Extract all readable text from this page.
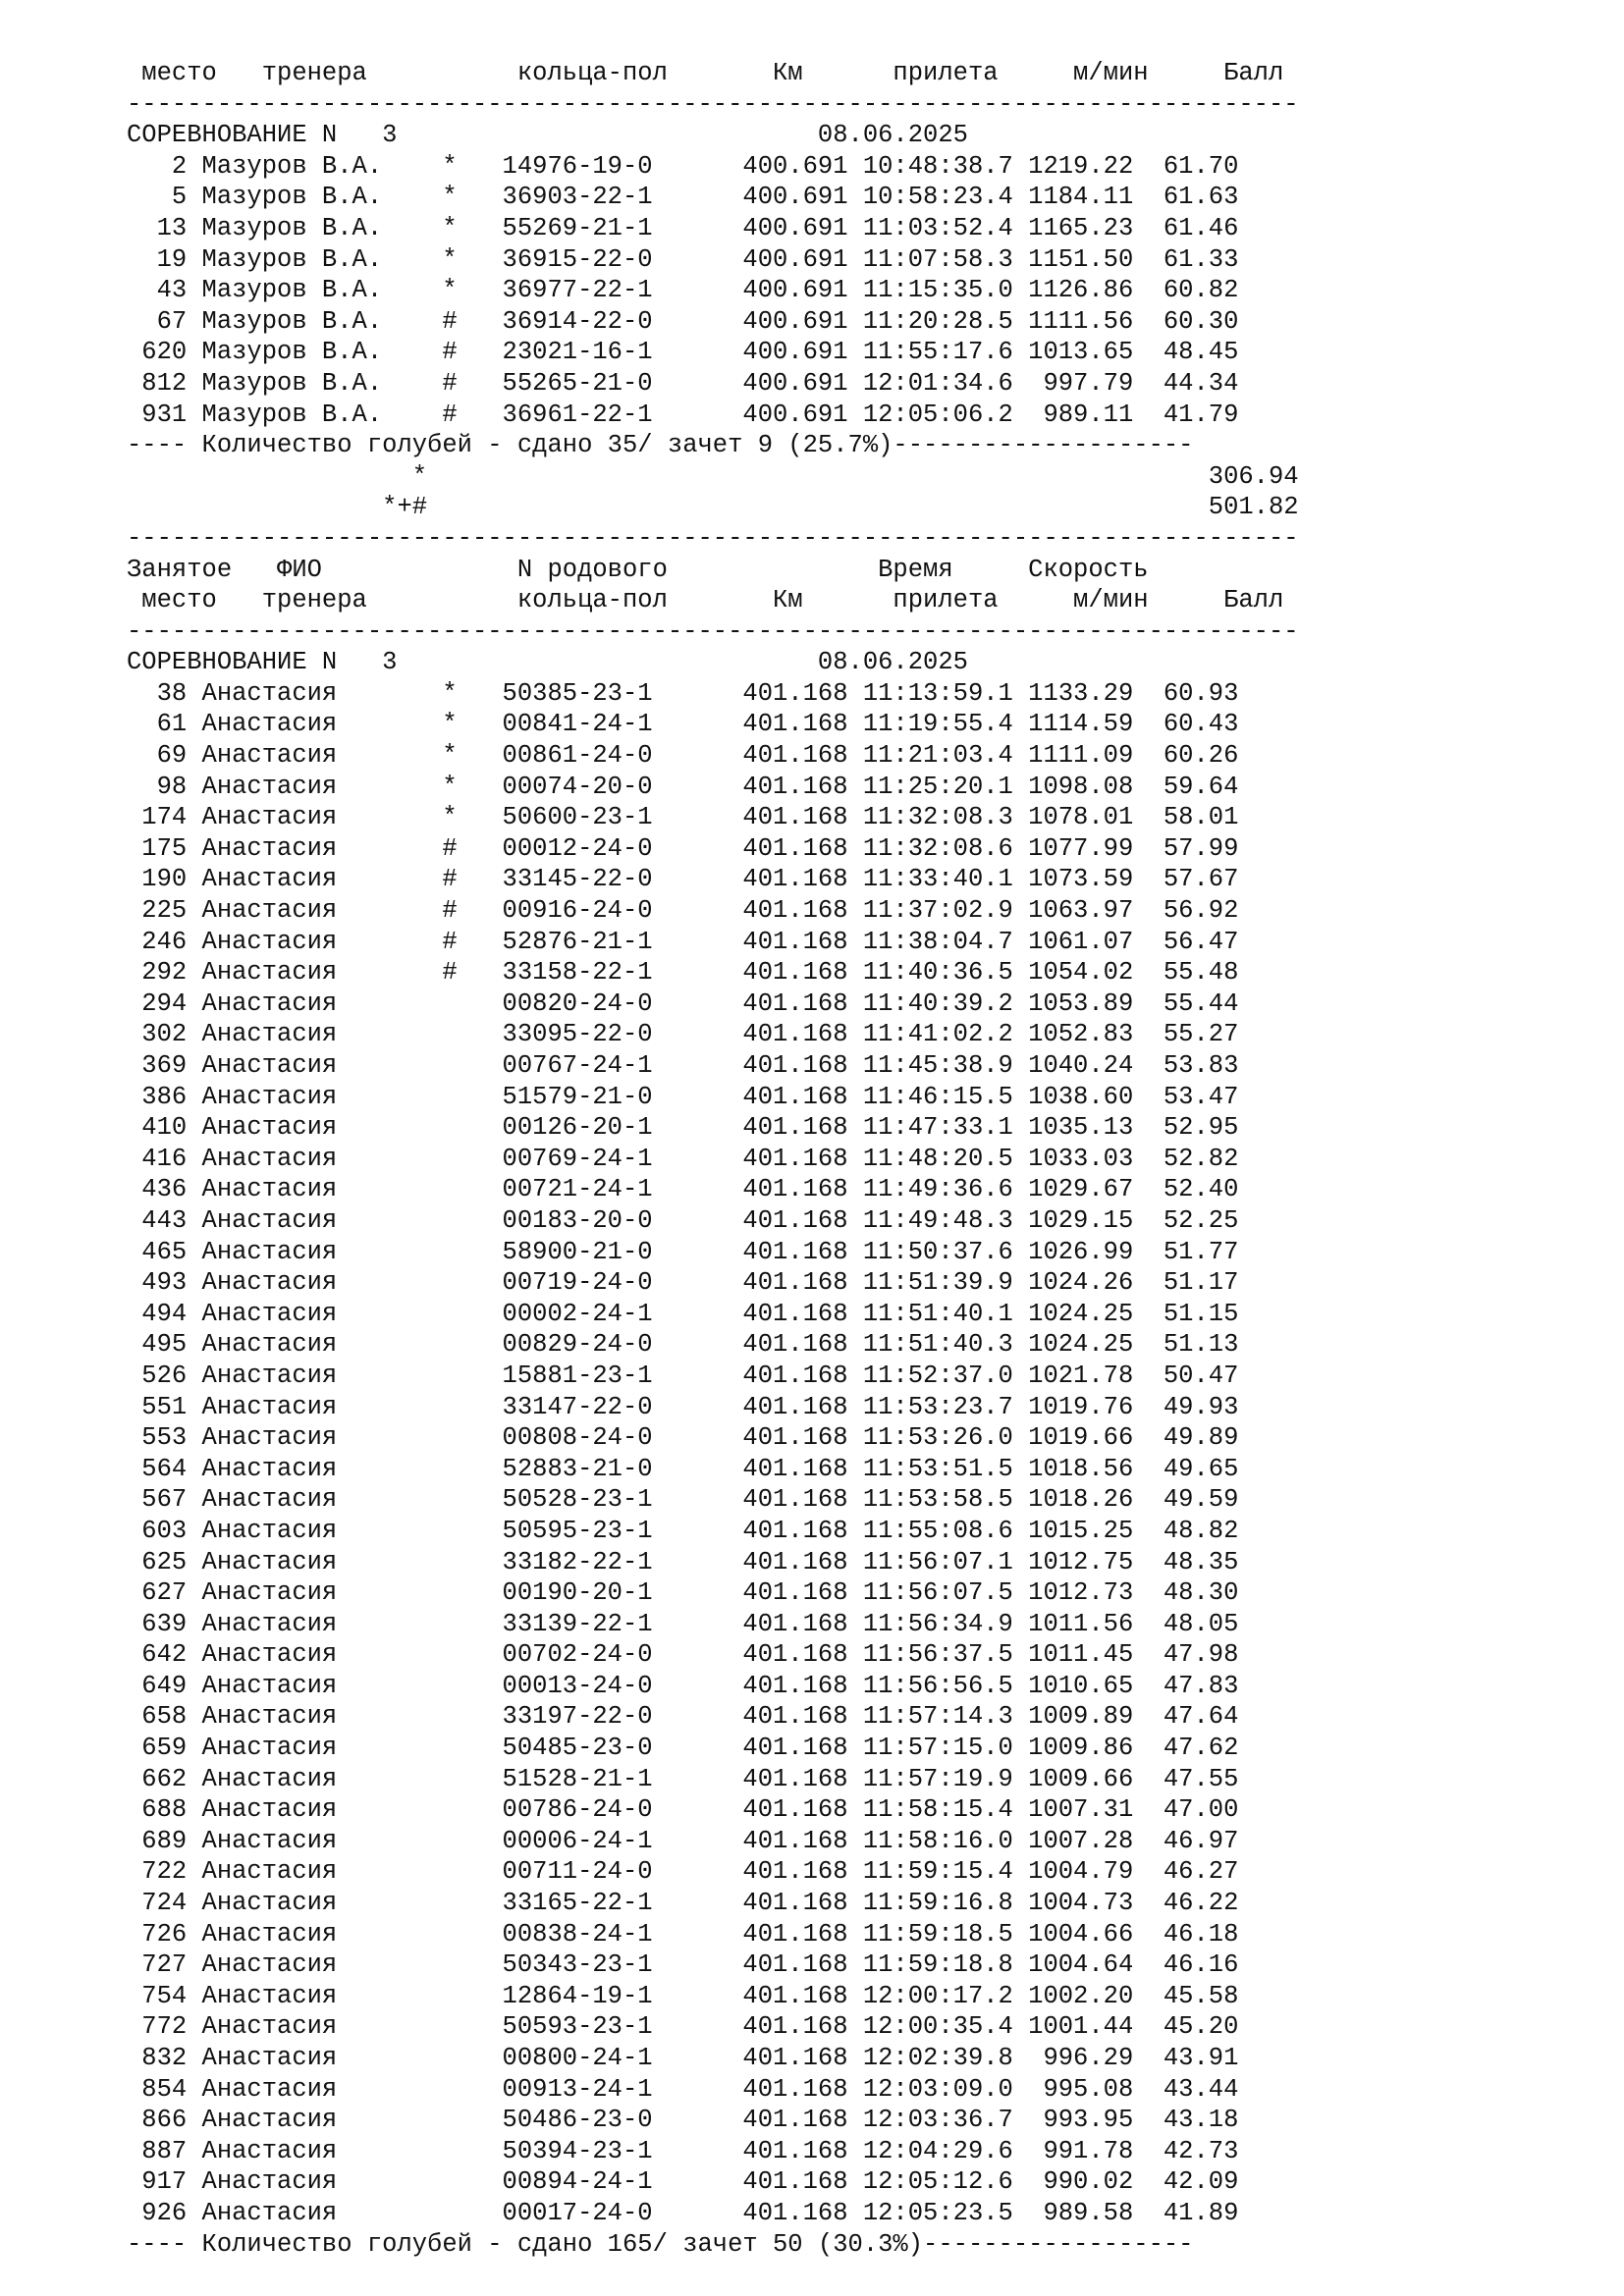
место   тренера          кольца-пол       Км      прилета     м/мин     Балл
------------------------------------------------------------------------------
СОРЕВНОВАНИЕ N   3                            08.06.2025
2 Мазуров В.А.    *   14976-19-0      400.691 10:48:38.7 1219.22  61.70
5 Мазуров В.А.    *   36903-22-1      400.691 10:58:23.4 1184.11  61.63
13 Мазуров В.А.    *   55269-21-1      400.691 11:03:52.4 1165.23  61.46
19 Мазуров В.А.    *   36915-22-0      400.691 11:07:58.3 1151.50  61.33
43 Мазуров В.А.    *   36977-22-1      400.691 11:15:35.0 1126.86  60.82
67 Мазуров В.А.    #   36914-22-0      400.691 11:20:28.5 1111.56  60.30
620 Мазуров В.А.    #   23021-16-1      400.691 11:55:17.6 1013.65  48.45
812 Мазуров В.А.    #   55265-21-0      400.691 12:01:34.6  997.79  44.34
931 Мазуров В.А.    #   36961-22-1      400.691 12:05:06.2  989.11  41.79
---- Количество голубей - сдано 35/ зачет 9 (25.7%)--------------------
*                                                    306.94
*+#                                                    501.82
------------------------------------------------------------------------------
Занятое   ФИО             N родового              Время     Скорость
место   тренера          кольца-пол       Км      прилета     м/мин     Балл
------------------------------------------------------------------------------
СОРЕВНОВАНИЕ N   3                            08.06.2025
38 Анастасия       *   50385-23-1      401.168 11:13:59.1 1133.29  60.93
61 Анастасия       *   00841-24-1      401.168 11:19:55.4 1114.59  60.43
69 Анастасия       *   00861-24-0      401.168 11:21:03.4 1111.09  60.26
98 Анастасия       *   00074-20-0      401.168 11:25:20.1 1098.08  59.64
174 Анастасия       *   50600-23-1      401.168 11:32:08.3 1078.01  58.01
175 Анастасия       #   00012-24-0      401.168 11:32:08.6 1077.99  57.99
190 Анастасия       #   33145-22-0      401.168 11:33:40.1 1073.59  57.67
225 Анастасия       #   00916-24-0      401.168 11:37:02.9 1063.97  56.92
246 Анастасия       #   52876-21-1      401.168 11:38:04.7 1061.07  56.47
292 Анастасия       #   33158-22-1      401.168 11:40:36.5 1054.02  55.48
294 Анастасия           00820-24-0      401.168 11:40:39.2 1053.89  55.44
302 Анастасия           33095-22-0      401.168 11:41:02.2 1052.83  55.27
369 Анастасия           00767-24-1      401.168 11:45:38.9 1040.24  53.83
386 Анастасия           51579-21-0      401.168 11:46:15.5 1038.60  53.47
410 Анастасия           00126-20-1      401.168 11:47:33.1 1035.13  52.95
416 Анастасия           00769-24-1      401.168 11:48:20.5 1033.03  52.82
436 Анастасия           00721-24-1      401.168 11:49:36.6 1029.67  52.40
443 Анастасия           00183-20-0      401.168 11:49:48.3 1029.15  52.25
465 Анастасия           58900-21-0      401.168 11:50:37.6 1026.99  51.77
493 Анастасия           00719-24-0      401.168 11:51:39.9 1024.26  51.17
494 Анастасия           00002-24-1      401.168 11:51:40.1 1024.25  51.15
495 Анастасия           00829-24-0      401.168 11:51:40.3 1024.25  51.13
526 Анастасия           15881-23-1      401.168 11:52:37.0 1021.78  50.47
551 Анастасия           33147-22-0      401.168 11:53:23.7 1019.76  49.93
553 Анастасия           00808-24-0      401.168 11:53:26.0 1019.66  49.89
564 Анастасия           52883-21-0      401.168 11:53:51.5 1018.56  49.65
567 Анастасия           50528-23-1      401.168 11:53:58.5 1018.26  49.59
603 Анастасия           50595-23-1      401.168 11:55:08.6 1015.25  48.82
625 Анастасия           33182-22-1      401.168 11:56:07.1 1012.75  48.35
627 Анастасия           00190-20-1      401.168 11:56:07.5 1012.73  48.30
639 Анастасия           33139-22-1      401.168 11:56:34.9 1011.56  48.05
642 Анастасия           00702-24-0      401.168 11:56:37.5 1011.45  47.98
649 Анастасия           00013-24-0      401.168 11:56:56.5 1010.65  47.83
658 Анастасия           33197-22-0      401.168 11:57:14.3 1009.89  47.64
659 Анастасия           50485-23-0      401.168 11:57:15.0 1009.86  47.62
662 Анастасия           51528-21-1      401.168 11:57:19.9 1009.66  47.55
688 Анастасия           00786-24-0      401.168 11:58:15.4 1007.31  47.00
689 Анастасия           00006-24-1      401.168 11:58:16.0 1007.28  46.97
722 Анастасия           00711-24-0      401.168 11:59:15.4 1004.79  46.27
724 Анастасия           33165-22-1      401.168 11:59:16.8 1004.73  46.22
726 Анастасия           00838-24-1      401.168 11:59:18.5 1004.66  46.18
727 Анастасия           50343-23-1      401.168 11:59:18.8 1004.64  46.16
754 Анастасия           12864-19-1      401.168 12:00:17.2 1002.20  45.58
772 Анастасия           50593-23-1      401.168 12:00:35.4 1001.44  45.20
832 Анастасия           00800-24-1      401.168 12:02:39.8  996.29  43.91
854 Анастасия           00913-24-1      401.168 12:03:09.0  995.08  43.44
866 Анастасия           50486-23-0      401.168 12:03:36.7  993.95  43.18
887 Анастасия           50394-23-1      401.168 12:04:29.6  991.78  42.73
917 Анастасия           00894-24-1      401.168 12:05:12.6  990.02  42.09
926 Анастасия           00017-24-0      401.168 12:05:23.5  989.58  41.89
---- Количество голубей - сдано 165/ зачет 50 (30.3%)------------------
